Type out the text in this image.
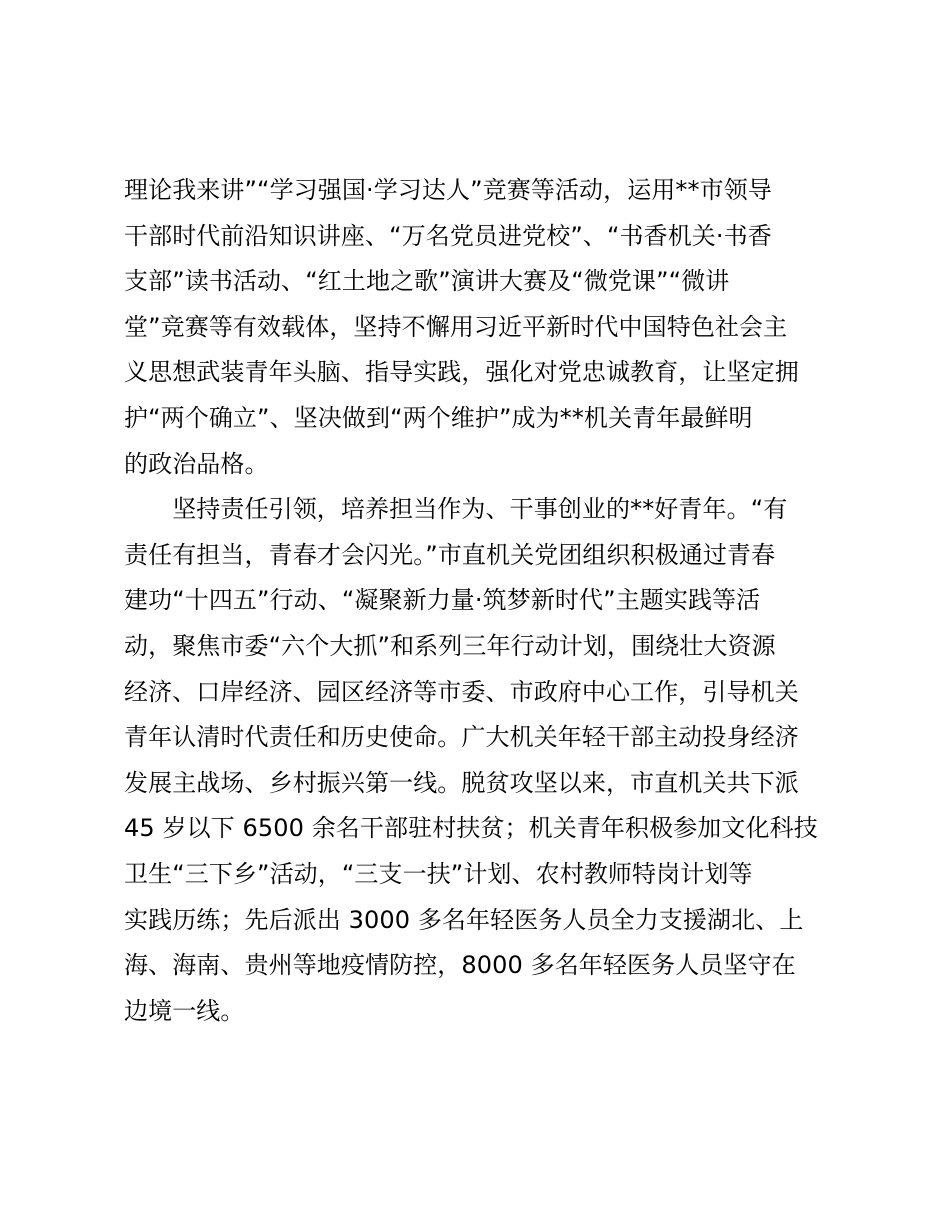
理论我来讲”“学习强国·学习达人”竞赛等活动，运用**市领导
干部时代前沿知识讲座、“万名党员进党校”、“书香机关·书香
支部”读书活动、“红土地之歌”演讲大赛及“微党课”“微讲
堂”竞赛等有效载体，坚持不懈用习近平新时代中国特色社会主
义思想武装青年头脑、指导实践，强化对党忠诚教育，让坚定拥
护“两个确立”、坚决做到“两个维护”成为**机关青年最鲜明
的政治品格。
　　坚持责任引领，培养担当作为、干事创业的**好青年。“有
责任有担当，青春才会闪光。”市直机关党团组织积极通过青春
建功“十四五”行动、“凝聚新力量·筑梦新时代”主题实践等活
动，聚焦市委“六个大抓”和系列三年行动计划，围绕壮大资源
经济、口岸经济、园区经济等市委、市政府中心工作，引导机关
青年认清时代责任和历史使命。广大机关年轻干部主动投身经济
发展主战场、乡村振兴第一线。脱贫攻坚以来，市直机关共下派
45 岁以下 6500 余名干部驻村扶贫；机关青年积极参加文化科技
卫生“三下乡”活动，“三支一扶”计划、农村教师特岗计划等
实践历练；先后派出 3000 多名年轻医务人员全力支援湖北、上
海、海南、贵州等地疫情防控，8000 多名年轻医务人员坚守在
边境一线。
